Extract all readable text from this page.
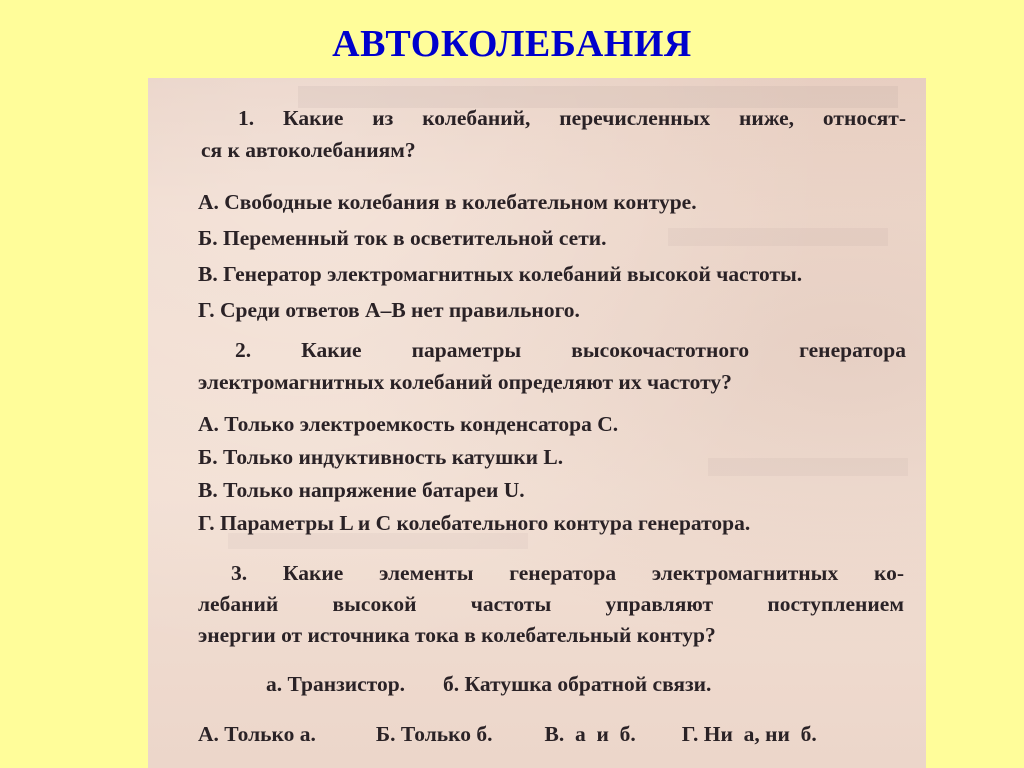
АВТОКОЛЕБАНИЯ
1. Какие из колебаний, перечисленных ниже, относят-
ся к автоколебаниям?
А. Свободные колебания в колебательном контуре.
Б. Переменный ток в осветительной сети.
В. Генератор электромагнитных колебаний высокой частоты.
Г. Среди ответов А–В нет правильного.
2. Какие параметры высокочастотного генератора
электромагнитных колебаний определяют их частоту?
А. Только электроемкость конденсатора С.
Б. Только индуктивность катушки L.
В. Только напряжение батареи U.
Г. Параметры L и С колебательного контура генератора.
3. Какие элементы генератора электромагнитных ко-
лебаний высокой частоты управляют поступлением
энергии от источника тока в колебательный контур?
а. Транзистор. б. Катушка обратной связи.
А. Только а.	Б. Только б. В.  а  и  б. Г. Ни  а, ни  б.
